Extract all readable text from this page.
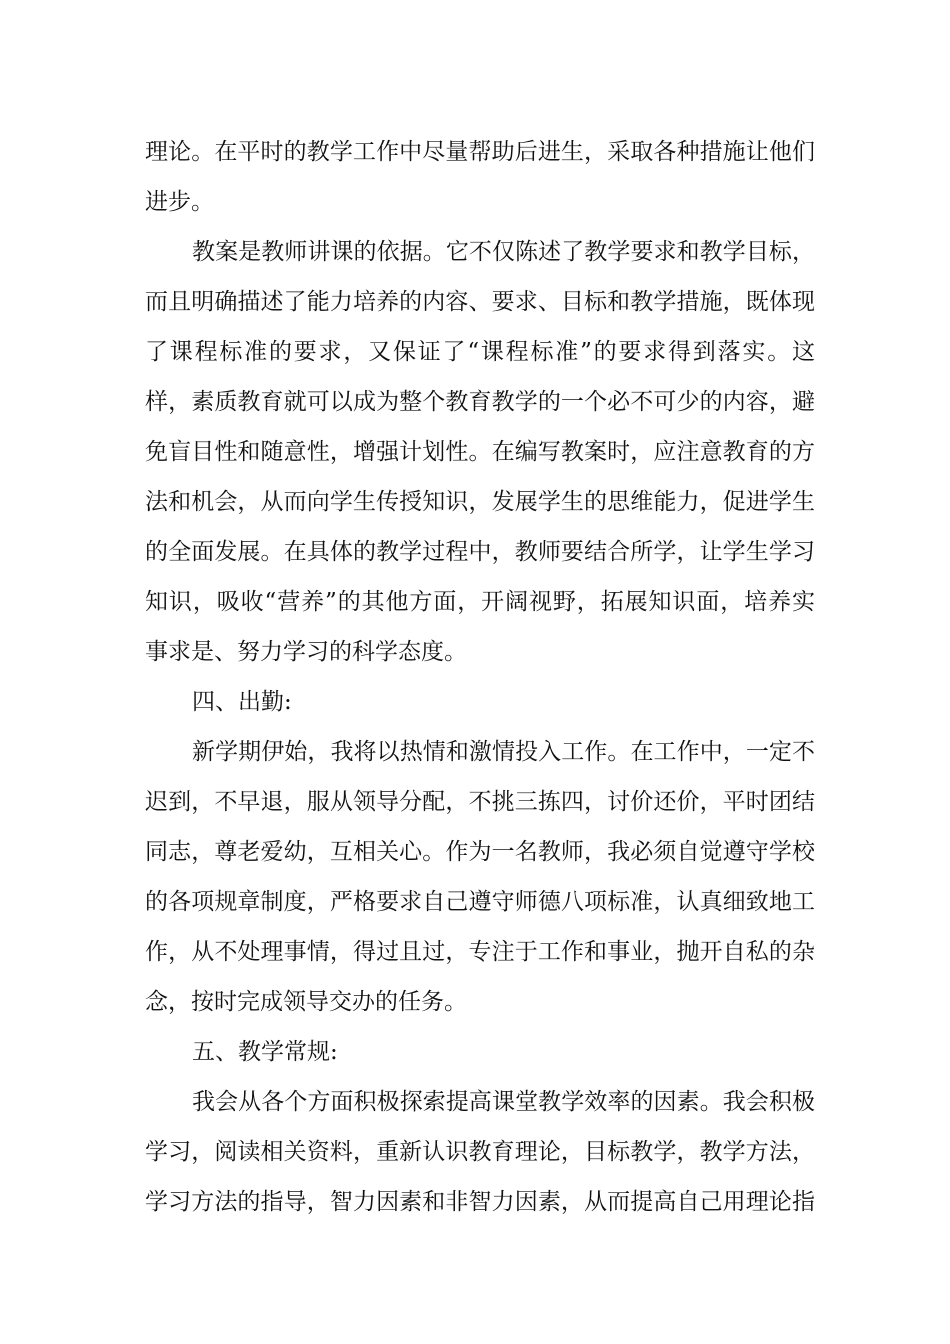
理论。在平时的教学工作中尽量帮助后进生，采取各种措施让他们
进步。
教案是教师讲课的依据。它不仅陈述了教学要求和教学目标，
而且明确描述了能力培养的内容、要求、目标和教学措施，既体现
了课程标准的要求，又保证了“课程标准”的要求得到落实。这
样，素质教育就可以成为整个教育教学的一个必不可少的内容，避
免盲目性和随意性，增强计划性。在编写教案时，应注意教育的方
法和机会，从而向学生传授知识，发展学生的思维能力，促进学生
的全面发展。在具体的教学过程中，教师要结合所学，让学生学习
知识，吸收“营养”的其他方面，开阔视野，拓展知识面，培养实
事求是、努力学习的科学态度。
四、出勤:
新学期伊始，我将以热情和激情投入工作。在工作中，一定不
迟到，不早退，服从领导分配，不挑三拣四，讨价还价，平时团结
同志，尊老爱幼，互相关心。作为一名教师，我必须自觉遵守学校
的各项规章制度，严格要求自己遵守师德八项标准，认真细致地工
作，从不处理事情，得过且过，专注于工作和事业，抛开自私的杂
念，按时完成领导交办的任务。
五、教学常规:
我会从各个方面积极探索提高课堂教学效率的因素。我会积极
学习，阅读相关资料，重新认识教育理论，目标教学，教学方法，
学习方法的指导，智力因素和非智力因素，从而提高自己用理论指
